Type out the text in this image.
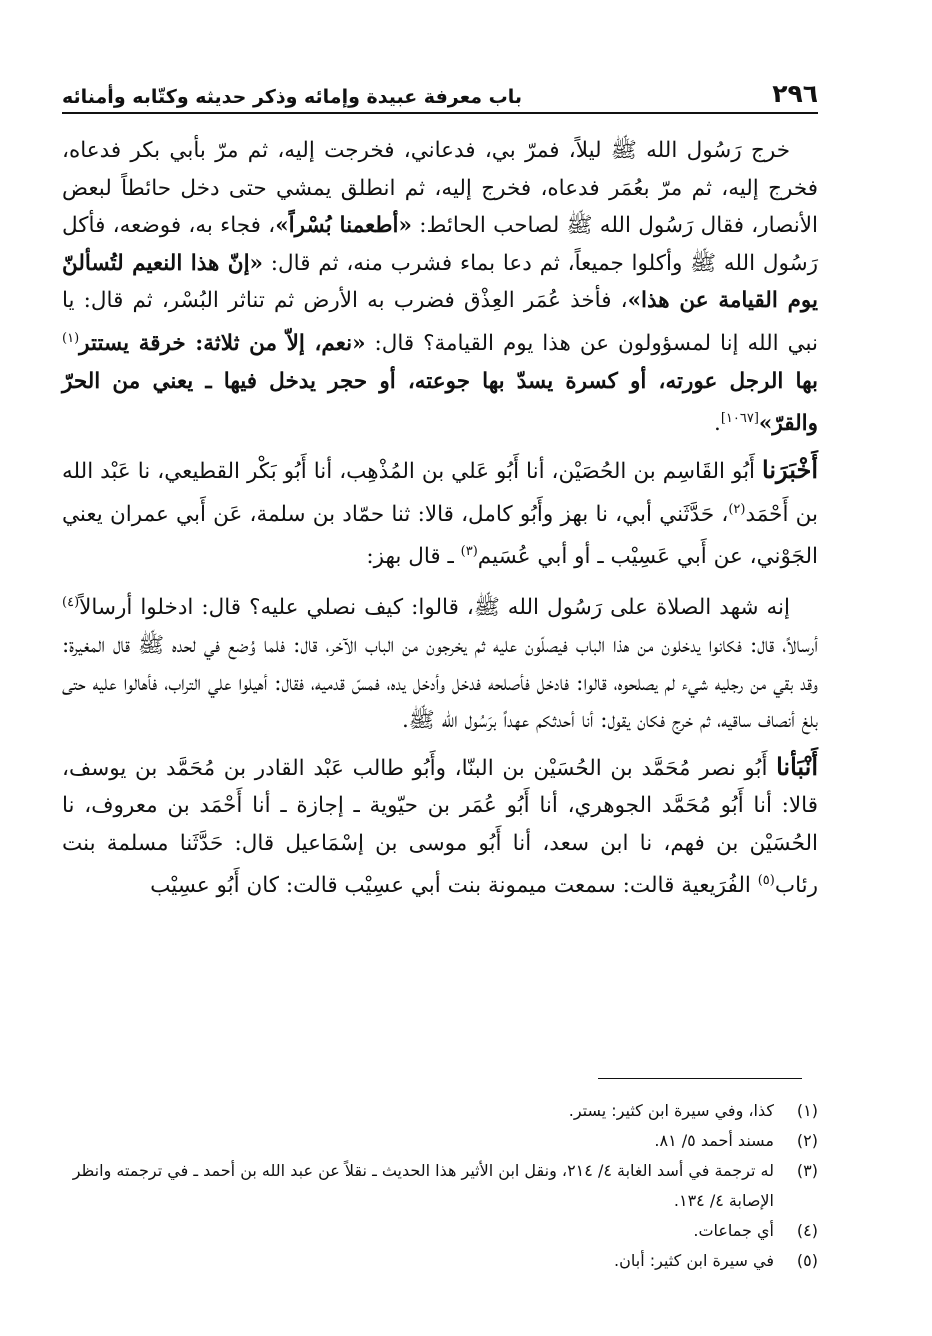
٢٩٦
باب معرفة عبيدة وإمائه وذكر حديثه وكتّابه وأمنائه

خرج رَسُول الله ﷺ ليلاً، فمرّ بي، فدعاني، فخرجت إليه، ثم مرّ بأبي بكر فدعاه، فخرج إليه، ثم مرّ بعُمَر فدعاه، فخرج إليه، ثم انطلق يمشي حتى دخل حائطاً لبعض الأنصار، فقال رَسُول الله ﷺ لصاحب الحائط: «أطعمنا بُسْراً»، فجاء به، فوضعه، فأكل رَسُول الله ﷺ وأكلوا جميعاً، ثم دعا بماء فشرب منه، ثم قال: «إنّ هذا النعيم لتُسألنّ يوم القيامة عن هذا»، فأخذ عُمَر العِذْق فضرب به الأرض ثم تناثر البُسْر، ثم قال: يا نبي الله إنا لمسؤولون عن هذا يوم القيامة؟ قال: «نعم، إلاّ من ثلاثة: خرقة يستتر$^{(١)}$ بها الرجل عورته، أو كسرة يسدّ بها جوعته، أو حجر يدخل فيها ـ يعني من الحرّ والقرّ»[١٠٦٧].

أَخْبَرَنا أَبُو القَاسِم بن الحُصَيْن، أنا أَبُو عَلي بن المُذْهِب، أنا أَبُو بَكْر القطيعي، نا عَبْد الله بن أَحْمَد$^{(٢)}$، حَدَّثَني أبي، نا بهز وأَبُو كامل، قالا: ثنا حمّاد بن سلمة، عَن أَبي عمران يعني الجَوْني، عن أَبي عَسِيْب ـ أو أبي عُسَيم$^{(٣)}$ ـ قال بهز:

إنه شهد الصلاة على رَسُول الله ﷺ، قالوا: كيف نصلي عليه؟ قال: ادخلوا أرسالاً$^{(٤)}$ أرسالاً، قال: فكانوا يدخلون من هذا الباب فيصلّون عليه ثم يخرجون من الباب الآخر، قال: فلما وُضع في لحده ﷺ قال المغيرة: وقد بقي من رجليه شيء لم يصلحوه، قالوا: فادخل فأصلحه فدخل وأدخل يده، فمسّ قدميه، فقال: أهيلوا علي التراب، فأهالوا عليه حتى بلغ أنصاف ساقيه، ثم خرج فكان يقول: أنا أحدثكم عهداً برَسُول الله ﷺ.

أَنْبَأنا أَبُو نصر مُحَمَّد بن الحُسَيْن بن البنّا، وأَبُو طالب عَبْد القادر بن مُحَمَّد بن يوسف، قالا: أنا أَبُو مُحَمَّد الجوهري، أنا أَبُو عُمَر بن حيّوية ـ إجازة ـ أنا أَحْمَد بن معروف، نا الحُسَيْن بن فهم، نا ابن سعد، أنا أَبُو موسى بن إسْمَاعيل قال: حَدَّثَنا مسلمة بنت رئاب$^{(٥)}$ الفُرَيعية قالت: سمعت ميمونة بنت أبي عسِيْب قالت: كان أَبُو عسِيْب

(١)
كذا، وفي سيرة ابن كثير: يستر.
(٢)
مسند أحمد ٥/ ٨١.
(٣)
له ترجمة في أسد الغابة ٤/ ٢١٤، ونقل ابن الأثير هذا الحديث ـ نقلاً عن عبد الله بن أحمد ـ في ترجمته وانظر الإصابة ٤/ ١٣٤.
(٤)
أي جماعات.
(٥)
في سيرة ابن كثير: أبان.
